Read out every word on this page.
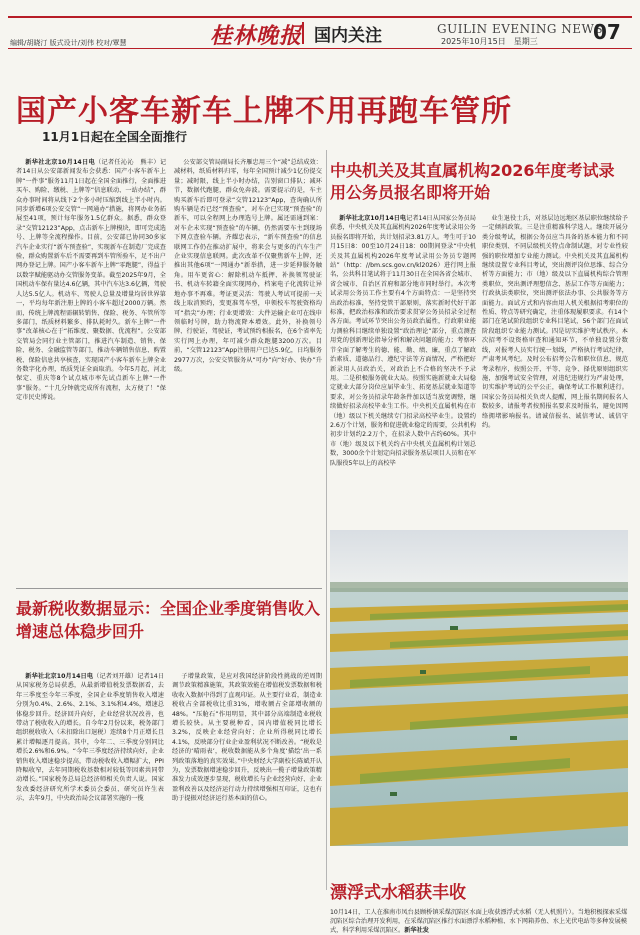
编辑/胡晓汀 版式设计/刘伟 校对/覃慧	桂林晚报 国内关注	GUILIN EVENING NEWS
2025年10月15日　星期三	07
国产小客车新车上牌不用再跑车管所
11月1日起在全国全面推行
新华社北京10月14日电（记者任沁沁　熊丰）记者14日从公安部新闻发布会获悉：国产小客车新车上牌“一件事”服务11月1日起在全国全面推行，全面推进买车、购险、缴税、上牌等“信息联动、一站办结”，群众办事时间将从线下2个多小时压缩到线上半小时内。同步新增6项公安交管“一网通办”措施，将网办业务拓展至41项，预计每年服务1.5亿群众。据悉，群众登录“交管12123”App，点击新车上牌模块，即可完成选号、上牌等全流程操作。目前，公安部已协同30多家汽车企业实行“新车预查验”，实现新车在制造厂完成查验，群众购置新车后不需要再到车管所验车，足不出户网办登记上牌。国产小客车新车上牌“零跑腿”，得益于以数字赋能驱动办交管服务变革。截至2025年9月，全国机动车保有量达4.6亿辆，其中汽车达3.6亿辆，驾驶人达5.5亿人。机动车、驾驶人总量及增量均居世界第一，平均每年新注册上牌的小客车超过2000万辆。然而，传统上牌流程需辗转销售、保险、税务、车管所等多部门，纸质材料繁多、排队耗时久。新车上牌“一件事”改革核心在于“拓维度、聚数据、优流程”。公安部交管局会同行业主管部门，推进汽车制造、销售、保险、税务、金融监管等部门，推动车辆销售信息、购置税、保险信息共享核查，实现国产小客车新车上牌全业务数字化办理，纸质凭证全面取消。今年5月起，河北保定、重庆等8个试点城市率先试点新车上牌“一件事”服务。“十几分钟就完成所有流程，太方便了！”保定市民史博说。
公安部交管局副局长齐雁忠用三个“减”总结成效：减材料，纸质材料归零，每年全国预计减少1亿份提交量；减时限，线上半小时办结，告别窗口排队；减环节，数据代跑腿，群众免奔波。需要提示的是，车主购买新车后即可登录“交管12123”App，查询确认所购车辆是否已经“预查验”，对车企已实现“预查验”的新车，可以全程网上办理选号上牌。属还需通到案：对车企未实现“预查验”的车辆，仍然需要车主到现场下网点查验车辆。齐耀忠表示，“新车预查验”的信息联网工作仍在推动扩展中，将来会与更多的汽车生产企业实现信息联网。此次改革不仅聚焦新车上牌，还推出其他6项“一网通办”新举措，进一步延伸服务触角。用车更省心：解除机动车抵押、补换领驾驶证书、机动车转籍全面实现网办，档案电子化流转让异地办事不再难。考证更灵活：驾驶人考试可提前一天线上取消预约，变更准驾车型，申领校车驾驶资格均可“指尖”办理；行业更增效：大件运输企业可在线申领临时号牌，助力物流降本增效。此外，补换领号牌、行驶证，驾驶证，考试预约相报名，在6个省率先实行网上办理，年可减少群众跑腿3200万次。目前，“交管12123”App注册用户已达5.9亿，日均服务2977万次，公安交管服务从“可办”向“好办、快办”升级。
中央机关及其直属机构2026年度考试录用公务员报名即将开始
新华社北京10月14日电记者14日从国家公务员局获悉，中央机关及其直属机构2026年度考试录用公务员报名即将开始，共计划招录3.81万人。考生可于10月15日8：00至10月24日18：00期间登录“中央机关及其直属机构2026年度考试录用公务员专题网站”（http：//bm.scs.gov.cn/kl2026）进行网上报名，公共科目笔试将于11月30日在全国各省会城市、省会城市、自治区首府和部分地市同时举行。本次考试录用公务员工作主要有4个方面特点：一是坚持突出政治标准，坚持党管干部原则，落实新时代好干部标准，把政治标准和政治要求贯穿公务员招录全过程各方面。考试环节突出公务员政治属性，行政职业能力测验科目继续单独设置“政治理论”部分，重点测查用党的创新理论指导分析和解决问题的能力；考察环节全面了解考生的德、能、勤、绩、廉，重点了解政治素质、道德品行、遵纪守法等方面情况，严格把好新录用人员政治关，对政治上不合格的坚决不予录用。二是积极服务就业大局。按照实施新就业大局稳定就业大部分岗位应届毕业生、拓宽基层就业渠道等要求，对公务员招录年龄条件加以适当放宽调整，继续做好招录高校毕业生工作。中央机关直属机构在市（地）级以下机关继续专门招录高校毕业生。设置约2.6万个计划，服务和促进就业稳定的需要，公共机构初步计划约2.2万个，在招录人数中占约60%。其中市（地）级及以下机关约占中央机关直属机构计划总数，3000余个计划定向招录服务基层项目人员和在军队服役5年以上的高校毕
业生退役士兵，对基层边远地区基层职位继续给予一定倾斜政策。三是注重精准科学选人。继续开展分类分级考试，根据公务员应当具备的基本能力和不同职位类别、不同层级机关特点命制试题，对专业性较强的职位增加专业能力测试。中央机关及其直属机构继续设置专业科目考试，突出测评岗位思维、综合分析等方面能力；市（地）级及以下直属机构综合管理类职位，突出测评理想信念、基层工作等方面能力；行政执法类职位，突出测评依法办事、公共服务等方面能力。面试方式和内容由用人机关根据招考职位的性质、特点等研究确定，注重体现履职要求。有14个部门在笔试阶段组织专业科目笔试，56个部门在面试阶段组织专业能力测试。四是切实维护考试秩序。本次招考不设资格审查和通知环节，不单独设置分数线，对报考人员实行统一划线，严格执行考试纪律，严肃考风考纪。及时公布招考公告和职位信息，规范考录程序，按照公开、平等、竞争、择优原则组织实施，加强考试安全管理，对违纪违规行为严肃处理，切实维护考试的公平公正，确保考试工作顺利进行。国家公务员局相关负责人提醒，网上报名期间报名人数较多，请报考者按照报名要求及时报名，避免因网络拥堵影响报名。请诚信报名、诚信考试、诚信守约。
最新税收数据显示：全国企业季度销售收入增速总体稳步回升
新华社北京10月14日电（记者刘开雄）记者14日从国家税务总局获悉，从最新增值税发票数据看，去年三季度至今年三季度，全国企业季度销售收入增速分别为0.4%、2.6%、2.1%、3.1%和4.4%，增速总体稳步回升。经济回升向好，企业经营状况改善，也带动了税收收入的增长。自今年2月份以来，税务部门组织税收收入（未扣除出口退税）连续8个月正增长且累计增幅逐月提高。其中，今年二、三季度分别同比增长2.6%和6.9%。“今年三季度经济持续向好，企业销售收入增速稳步提高，带动税收收入增幅扩大，PPI降幅收窄，去年同期税收基数相对较低等因素共同带动增长。”国家税务总局总经济师相关负责人说。国家发改委经济研究所学术委员会委员、研究员许生表示，去年9月，中央政治局会议部署实施的一揽
子增量政策，是应对我国经济阶段性挑战的逆周期调节政策精准施策，其政策效能在增值税发票数据和税收收入数据中得到了直观印证。从主要行业看，制造业税收占全部税收比重31%，增收额占全部增收额的48%。“压舱石”作用明显，其中部分高端制造业税收增长较快。从主要税种看，国内增值税同比增长3.2%，反映企业经营向好；企业所得税同比增长4.1%，反映部分行业企业盈利状况不断改善。“税收是经济的‘晴雨表’，税收数据能从多个角度‘描绘’出一系列政策落地的真实效果。”中央财经大学副校长陈斌开认为，发票数据增速稳步回升，反映出一揽子增量政策精准发力成效逐步显现，税收增长与企业经营向好、企业盈利改善以及经济运行动力持续增强相互印证，这也有助于提振对经济运行基本面的信心。
漂浮式水稻获丰收
10月14日，工人在淮南市凤台县顾桥镇采煤沉陷区水面上收获漂浮式水稻（无人机照片）。当地积极探索采煤沉陷区综合治理开发利用，在采煤沉陷区推行水面漂浮水稻种植、水下网箱养鱼、水上光伏电站等多种发展模式，科学利用采煤沉陷区。新华社发
